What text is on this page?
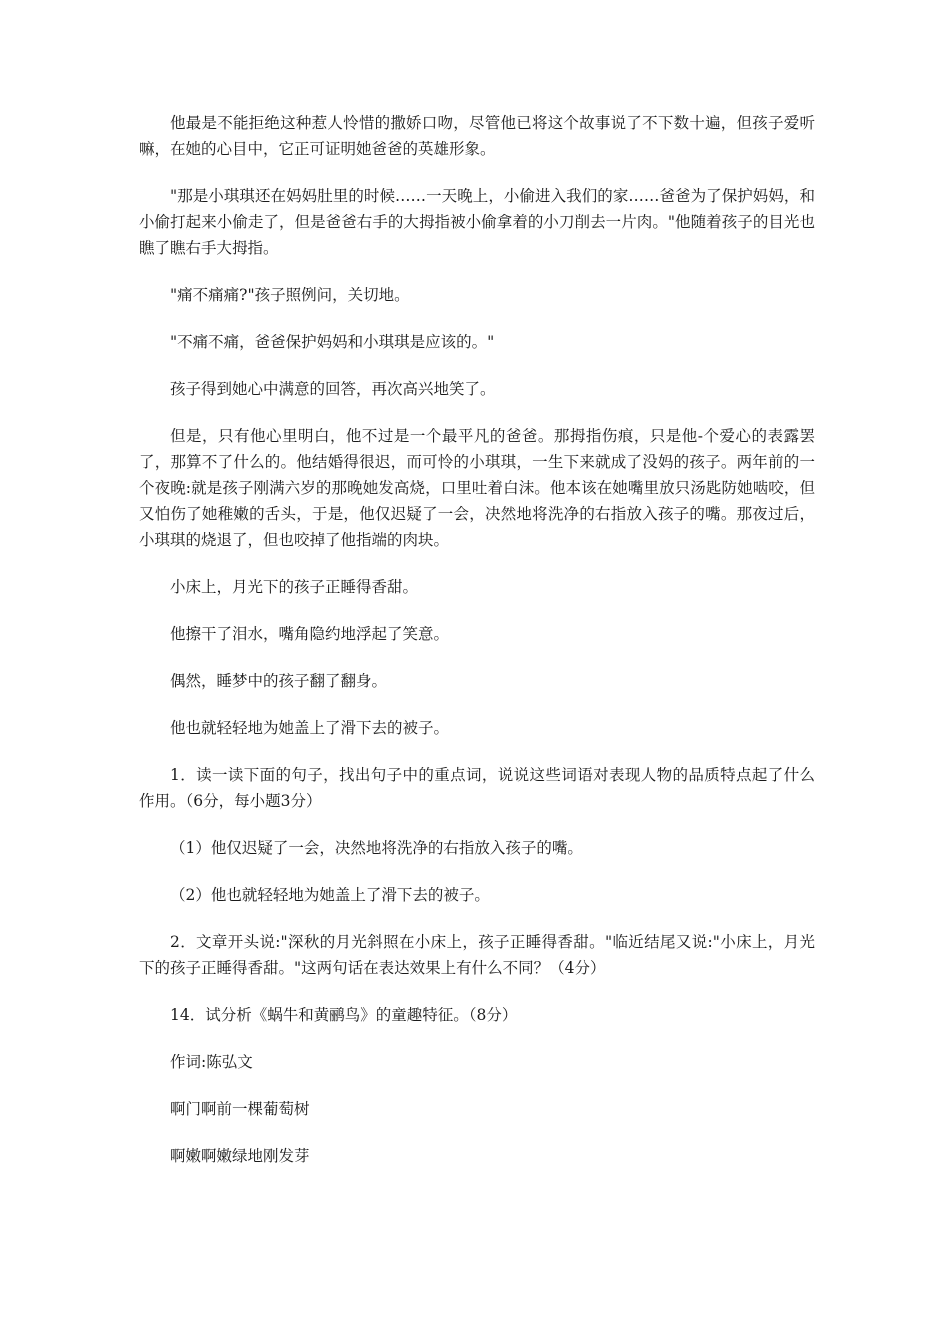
他最是不能拒绝这种惹人怜惜的撒娇口吻，尽管他已将这个故事说了不下数十遍，但孩子爱听嘛，在她的心目中，它正可证明她爸爸的英雄形象。

"那是小琪琪还在妈妈肚里的时候……一天晚上，小偷进入我们的家……爸爸为了保护妈妈，和小偷打起来小偷走了，但是爸爸右手的大拇指被小偷拿着的小刀削去一片肉。"他随着孩子的目光也瞧了瞧右手大拇指。

"痛不痛痛?"孩子照例问，关切地。

"不痛不痛，爸爸保护妈妈和小琪琪是应该的。"

孩子得到她心中满意的回答，再次高兴地笑了。

但是，只有他心里明白，他不过是一个最平凡的爸爸。那拇指伤痕，只是他-个爱心的表露罢了，那算不了什么的。他结婚得很迟，而可怜的小琪琪，一生下来就成了没妈的孩子。两年前的一个夜晚:就是孩子刚满六岁的那晚她发高烧，口里吐着白沫。他本该在她嘴里放只汤匙防她啮咬，但又怕伤了她稚嫩的舌头，于是，他仅迟疑了一会，决然地将洗净的右指放入孩子的嘴。那夜过后，小琪琪的烧退了，但也咬掉了他指端的肉块。

小床上，月光下的孩子正睡得香甜。

他擦干了泪水，嘴角隐约地浮起了笑意。

偶然，睡梦中的孩子翻了翻身。

他也就轻轻地为她盖上了滑下去的被子。

1．读一读下面的句子，找出句子中的重点词，说说这些词语对表现人物的品质特点起了什么作用。（6分，每小题3分）

（1）他仅迟疑了一会，决然地将洗净的右指放入孩子的嘴。

（2）他也就轻轻地为她盖上了滑下去的被子。

2．文章开头说:"深秋的月光斜照在小床上，孩子正睡得香甜。"临近结尾又说:"小床上，月光下的孩子正睡得香甜。"这两句话在表达效果上有什么不同？（4分）

14．试分析《蜗牛和黄鹂鸟》的童趣特征。（8分）

作词:陈弘文

啊门啊前一棵葡萄树

啊嫩啊嫩绿地刚发芽
